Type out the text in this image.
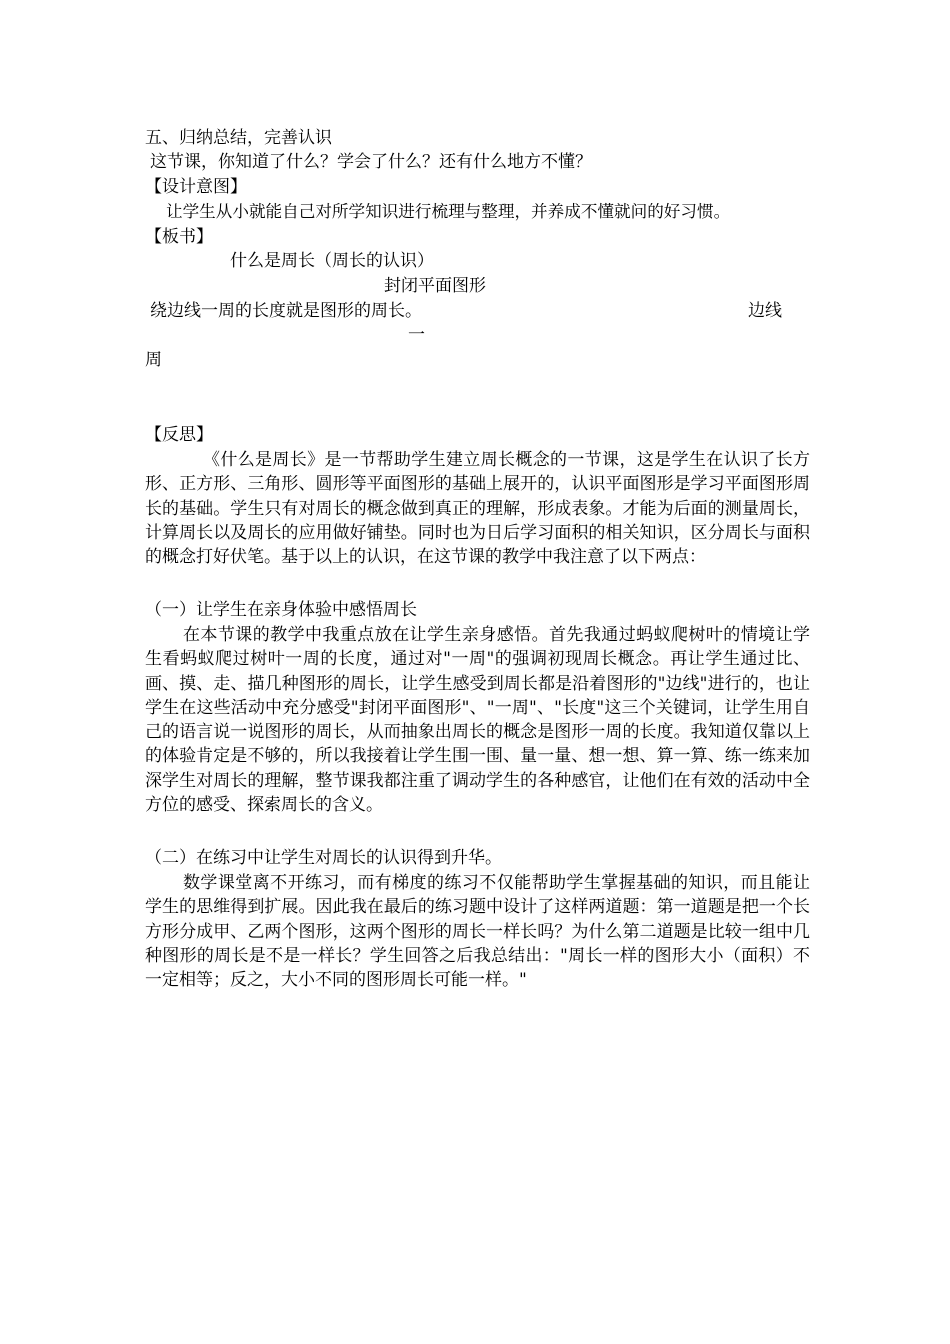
五、归纳总结，完善认识
这节课，你知道了什么？学会了什么？还有什么地方不懂？
【设计意图】
让学生从小就能自己对所学知识进行梳理与整理，并养成不懂就问的好习惯。
【板书】
什么是周长（周长的认识）
封闭平面图形
绕边线一周的长度就是图形的周长。	边线
一
周
【反思】
《什么是周长》是一节帮助学生建立周长概念的一节课，这是学生在认识了长方形、正方形、三角形、圆形等平面图形的基础上展开的，认识平面图形是学习平面图形周长的基础。学生只有对周长的概念做到真正的理解，形成表象。才能为后面的测量周长，计算周长以及周长的应用做好铺垫。同时也为日后学习面积的相关知识，区分周长与面积的概念打好伏笔。基于以上的认识，在这节课的教学中我注意了以下两点：
（一）让学生在亲身体验中感悟周长
在本节课的教学中我重点放在让学生亲身感悟。首先我通过蚂蚁爬树叶的情境让学生看蚂蚁爬过树叶一周的长度，通过对"一周"的强调初现周长概念。再让学生通过比、画、摸、走、描几种图形的周长，让学生感受到周长都是沿着图形的"边线"进行的，也让学生在这些活动中充分感受"封闭平面图形"、"一周"、"长度"这三个关键词，让学生用自己的语言说一说图形的周长，从而抽象出周长的概念是图形一周的长度。我知道仅靠以上的体验肯定是不够的，所以我接着让学生围一围、量一量、想一想、算一算、练一练来加深学生对周长的理解，整节课我都注重了调动学生的各种感官，让他们在有效的活动中全方位的感受、探索周长的含义。
（二）在练习中让学生对周长的认识得到升华。
数学课堂离不开练习，而有梯度的练习不仅能帮助学生掌握基础的知识，而且能让学生的思维得到扩展。因此我在最后的练习题中设计了这样两道题：第一道题是把一个长方形分成甲、乙两个图形，这两个图形的周长一样长吗？为什么第二道题是比较一组中几种图形的周长是不是一样长？学生回答之后我总结出："周长一样的图形大小（面积）不一定相等；反之，大小不同的图形周长可能一样。"
